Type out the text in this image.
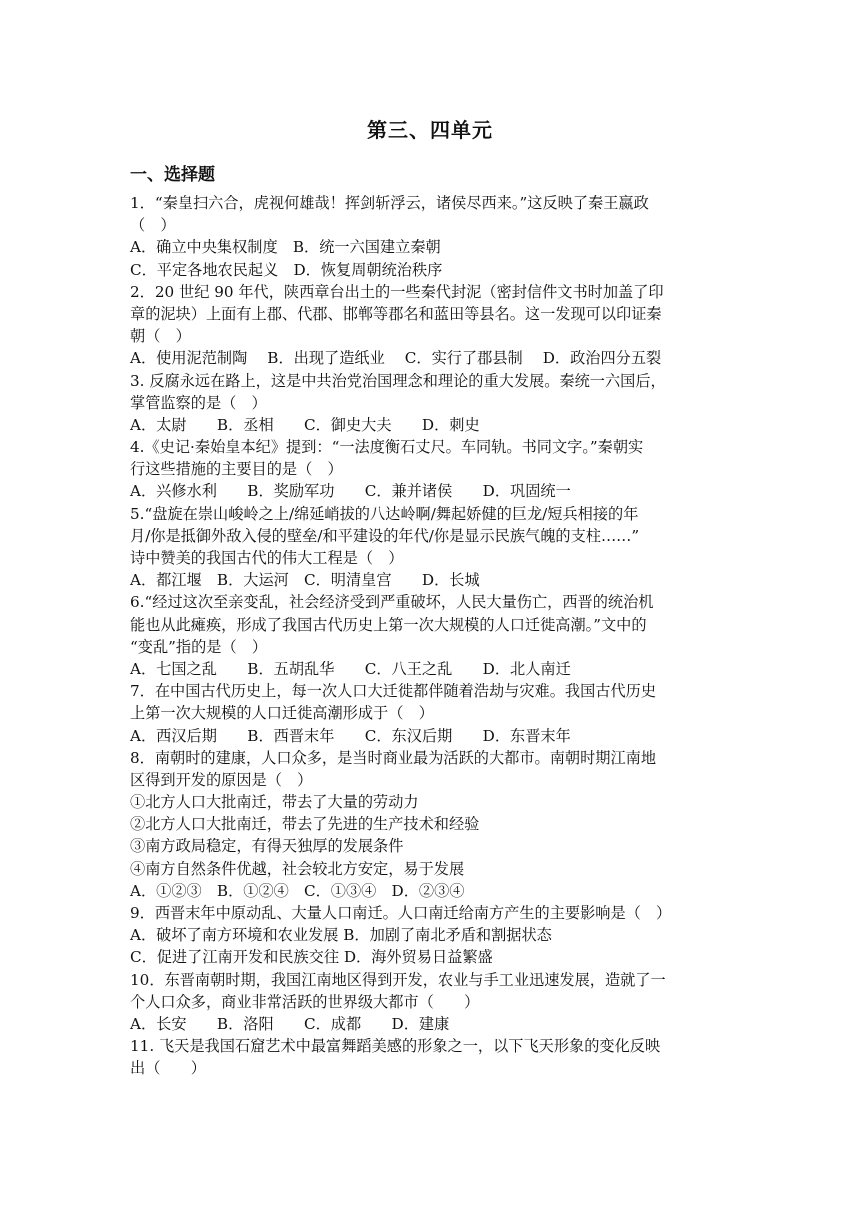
第三、四单元
一、选择题
1．“秦皇扫六合，虎视何雄哉！挥剑斩浮云，诸侯尽西来。”这反映了秦王嬴政
（　）
A．确立中央集权制度　B．统一六国建立秦朝
C．平定各地农民起义　D．恢复周朝统治秩序
2．20 世纪 90 年代，陕西章台出土的一些秦代封泥（密封信件文书时加盖了印
章的泥块）上面有上郡、代郡、邯郸等郡名和蓝田等县名。这一发现可以印证秦
朝（　）
A．使用泥范制陶　 B．出现了造纸业　 C．实行了郡县制　 D．政治四分五裂
3. 反腐永远在路上，这是中共治党治国理念和理论的重大发展。秦统一六国后，
掌管监察的是（　）
A．太尉　　B．丞相　　C．御史大夫　　D．刺史
4.《史记·秦始皇本纪》提到：“一法度衡石丈尺。车同轨。书同文字。”秦朝实
行这些措施的主要目的是（　）
A．兴修水利　　B．奖励军功　　C．兼并诸侯　　D．巩固统一
5.“盘旋在崇山峻岭之上/绵延峭拔的八达岭啊/舞起娇健的巨龙/短兵相接的年
月/你是抵御外敌入侵的壁垒/和平建设的年代/你是显示民族气魄的支柱……”
诗中赞美的我国古代的伟大工程是（　）
A．都江堰　B．大运河　C．明清皇宫　　D．长城
6.“经过这次至亲变乱，社会经济受到严重破坏，人民大量伤亡，西晋的统治机
能也从此瘫痪，形成了我国古代历史上第一次大规模的人口迁徙高潮。”文中的
“变乱”指的是（　）
A．七国之乱　　B．五胡乱华　　C．八王之乱　　D．北人南迁
7．在中国古代历史上，每一次人口大迁徙都伴随着浩劫与灾难。我国古代历史
上第一次大规模的人口迁徙高潮形成于（　）
A．西汉后期　　B．西晋末年　　C．东汉后期　　D．东晋末年
8．南朝时的建康，人口众多，是当时商业最为活跃的大都市。南朝时期江南地
区得到开发的原因是（　）
①北方人口大批南迁，带去了大量的劳动力
②北方人口大批南迁，带去了先进的生产技术和经验
③南方政局稳定，有得天独厚的发展条件
④南方自然条件优越，社会较北方安定，易于发展
A．①②③　B．①②④　C．①③④　D．②③④
9．西晋末年中原动乱、大量人口南迁。人口南迁给南方产生的主要影响是（　）
A．破坏了南方环境和农业发展 B．加剧了南北矛盾和割据状态
C．促进了江南开发和民族交往 D．海外贸易日益繁盛
10．东晋南朝时期，我国江南地区得到开发，农业与手工业迅速发展，造就了一
个人口众多，商业非常活跃的世界级大都市（　　）
A．长安　　B．洛阳　　C．成都　　D．建康
11. 飞天是我国石窟艺术中最富舞蹈美感的形象之一，以下飞天形象的变化反映
出（　　）
